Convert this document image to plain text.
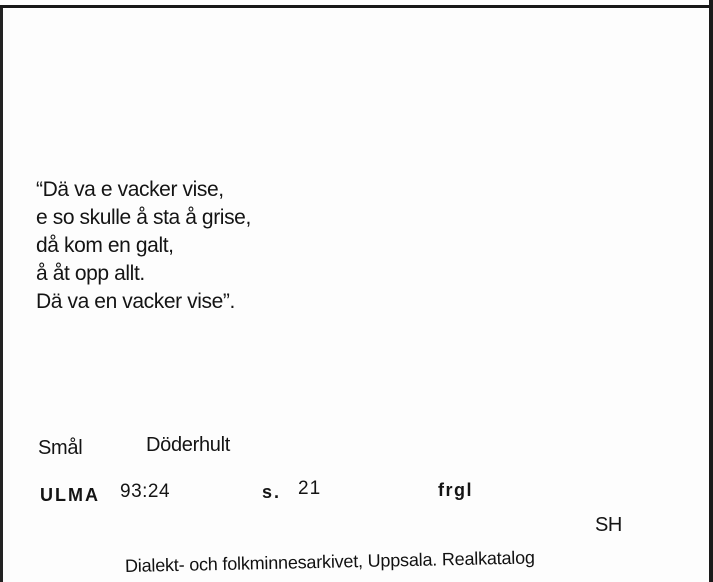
“Dä va e vacker vise,
e so skulle å sta å grise,
då kom en galt,
å åt opp allt.
Dä va en vacker vise”.
Smål	Döderhult
ULMA 93:24	s. 21	frgl
SH
Dialekt- och folkminnesarkivet, Uppsala. Realkatalog
